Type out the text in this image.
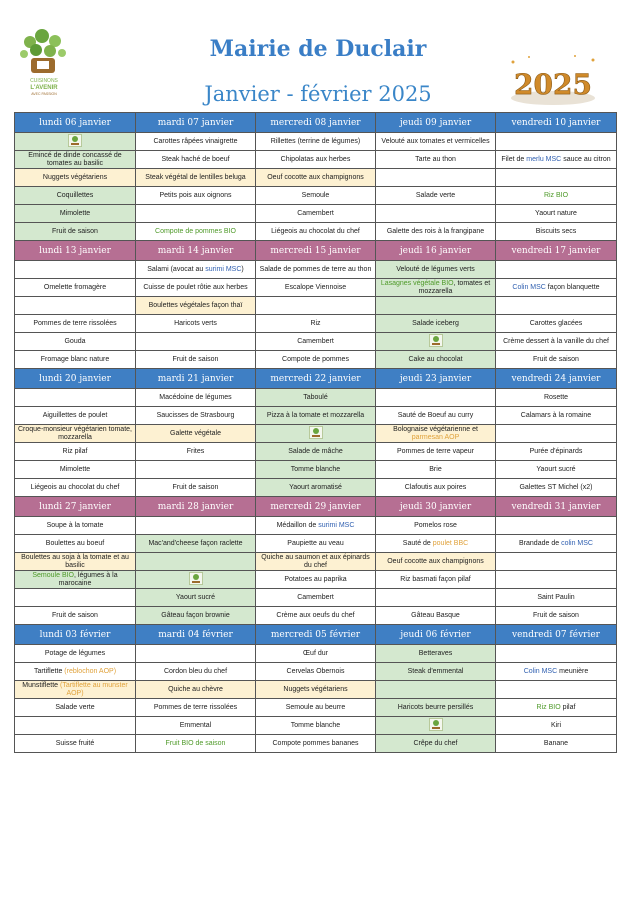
CUISINONS
L'AVENIR
AVEC PASSION
Mairie de Duclair
Janvier - février 2025	2025
lundi 06 janvier	mardi 07 janvier	mercredi 08 janvier	jeudi 09 janvier	vendredi 10 janvier
	Carottes râpées vinaigrette	Rillettes (terrine de légumes)	Velouté aux tomates et vermicelles	
Emincé de dinde concassé de tomates au basilic	Steak haché de boeuf	Chipolatas aux herbes	Tarte au thon	Filet de merlu MSC sauce au citron
Nuggets végétariens	Steak végétal de lentilles beluga	Oeuf cocotte aux champignons		
Coquillettes	Petits pois aux oignons	Semoule	Salade verte	Riz BIO
Mimolette		Camembert		Yaourt nature
Fruit de saison	Compote de pommes BIO	Liégeois au chocolat du chef	Galette des rois à la frangipane	Biscuits secs
lundi 13 janvier	mardi 14 janvier	mercredi 15 janvier	jeudi 16 janvier	vendredi 17 janvier
	Salami (avocat au surimi MSC)	Salade de pommes de terre au thon	Velouté de légumes verts	
Omelette fromagère	Cuisse de poulet rôtie aux herbes	Escalope Viennoise	Lasagnes végétale BIO, tomates et mozzarella	Colin MSC façon blanquette
	Boulettes végétales façon thaï			
Pommes de terre rissolées	Haricots verts	Riz	Salade iceberg	Carottes glacées
Gouda		Camembert		Crème dessert à la vanille du chef
Fromage blanc nature	Fruit de saison	Compote de pommes	Cake au chocolat	Fruit de saison
lundi 20 janvier	mardi 21 janvier	mercredi 22 janvier	jeudi 23 janvier	vendredi 24 janvier
	Macédoine de légumes	Taboulé		Rosette
Aiguillettes de poulet	Saucisses de Strasbourg	Pizza à la tomate et mozzarella	Sauté de Boeuf au curry	Calamars à la romaine
Croque-monsieur végétarien tomate, mozzarella	Galette végétale		Bolognaise végétarienne et parmesan AOP	
Riz pilaf	Frites	Salade de mâche	Pommes de terre vapeur	Purée d'épinards
Mimolette		Tomme blanche	Brie	Yaourt sucré
Liégeois au chocolat du chef	Fruit de saison	Yaourt aromatisé	Clafoutis aux poires	Galettes ST Michel (x2)
lundi 27 janvier	mardi 28 janvier	mercredi 29 janvier	jeudi 30 janvier	vendredi 31 janvier
Soupe à la tomate		Médaillon de surimi MSC	Pomelos rose	
Boulettes au boeuf	Mac'and'cheese façon raclette	Paupiette au veau	Sauté de poulet BBC	Brandade de colin MSC
Boulettes au soja à la tomate et au basilic		Quiche au saumon et aux épinards du chef	Oeuf cocotte aux champignons	
Semoule BIO, légumes à la marocaine		Potatoes au paprika	Riz basmati façon pilaf	
	Yaourt sucré	Camembert		Saint Paulin
Fruit de saison	Gâteau façon brownie	Crème aux oeufs du chef	Gâteau Basque	Fruit de saison
lundi 03 février	mardi 04 février	mercredi 05 février	jeudi 06 février	vendredi 07 février
Potage de légumes		Œuf dur	Betteraves	
Tartiflette (reblochon AOP)	Cordon bleu du chef	Cervelas Obernois	Steak d'emmental	Colin MSC meunière
Munstiflette (Tartiflette au munster AOP)	Quiche au chèvre	Nuggets végétariens		
Salade verte	Pommes de terre rissolées	Semoule au beurre	Haricots beurre persillés	Riz BIO pilaf
	Emmental	Tomme blanche		Kiri
Suisse fruité	Fruit BIO de saison	Compote pommes bananes	Crêpe du chef	Banane
